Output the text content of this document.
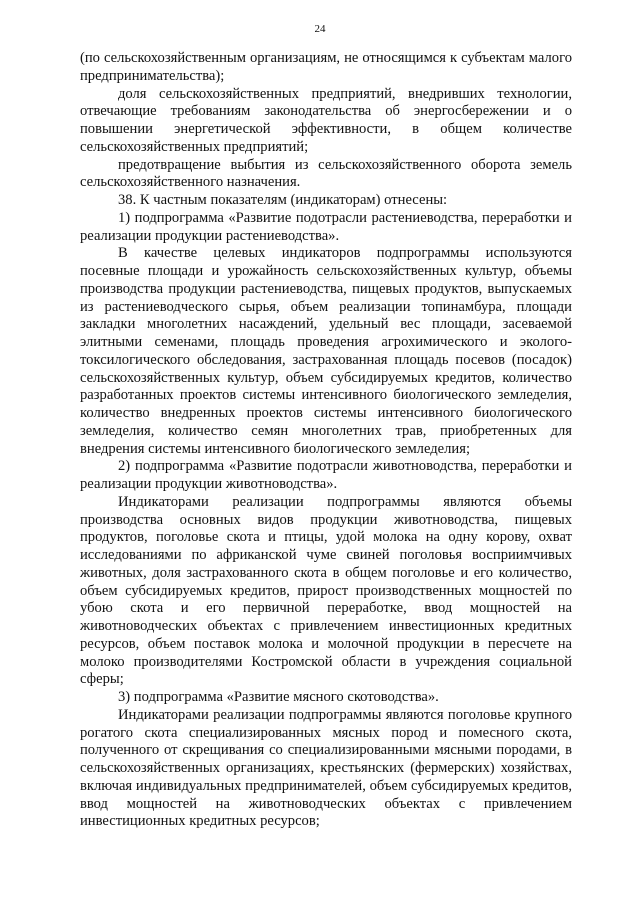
24

(по сельскохозяйственным организациям, не относящимся к субъектам малого предпринимательства);

доля сельскохозяйственных предприятий, внедривших технологии, отвечающие требованиям законодательства об энергосбережении и о повышении энергетической эффективности, в общем количестве сельскохозяйственных предприятий;

предотвращение выбытия из сельскохозяйственного оборота земель сельскохозяйственного назначения.

38. К частным показателям (индикаторам) отнесены:

1) подпрограмма «Развитие подотрасли растениеводства, переработки и реализации продукции растениеводства».

В качестве целевых индикаторов подпрограммы используются посевные площади и урожайность сельскохозяйственных культур, объемы производства продукции растениеводства, пищевых продуктов, выпускаемых из растениеводческого сырья, объем реализации топинамбура, площади закладки многолетних насаждений, удельный вес площади, засеваемой элитными семенами, площадь проведения агрохимического и эколого-токсилогического обследования, застрахованная площадь посевов (посадок) сельскохозяйственных культур, объем субсидируемых кредитов, количество разработанных проектов системы интенсивного биологического земледелия, количество внедренных проектов системы интенсивного биологического земледелия, количество семян многолетних трав, приобретенных для внедрения системы интенсивного биологического земледелия;

2) подпрограмма «Развитие подотрасли животноводства, переработки и реализации продукции животноводства».

Индикаторами реализации подпрограммы являются объемы производства основных видов продукции животноводства, пищевых продуктов, поголовье скота и птицы, удой молока на одну корову, охват исследованиями по африканской чуме свиней поголовья восприимчивых животных, доля застрахованного скота в общем поголовье и его количество, объем субсидируемых кредитов, прирост производственных мощностей по убою скота и его первичной переработке, ввод мощностей на животноводческих объектах с привлечением инвестиционных кредитных ресурсов, объем поставок молока и молочной продукции в пересчете на молоко производителями Костромской области в учреждения социальной сферы;

3) подпрограмма «Развитие мясного скотоводства».

Индикаторами реализации подпрограммы являются поголовье крупного рогатого скота специализированных мясных пород и помесного скота, полученного от скрещивания со специализированными мясными породами, в сельскохозяйственных организациях, крестьянских (фермерских) хозяйствах, включая индивидуальных предпринимателей, объем субсидируемых кредитов, ввод мощностей на животноводческих объектах с привлечением инвестиционных кредитных ресурсов;
